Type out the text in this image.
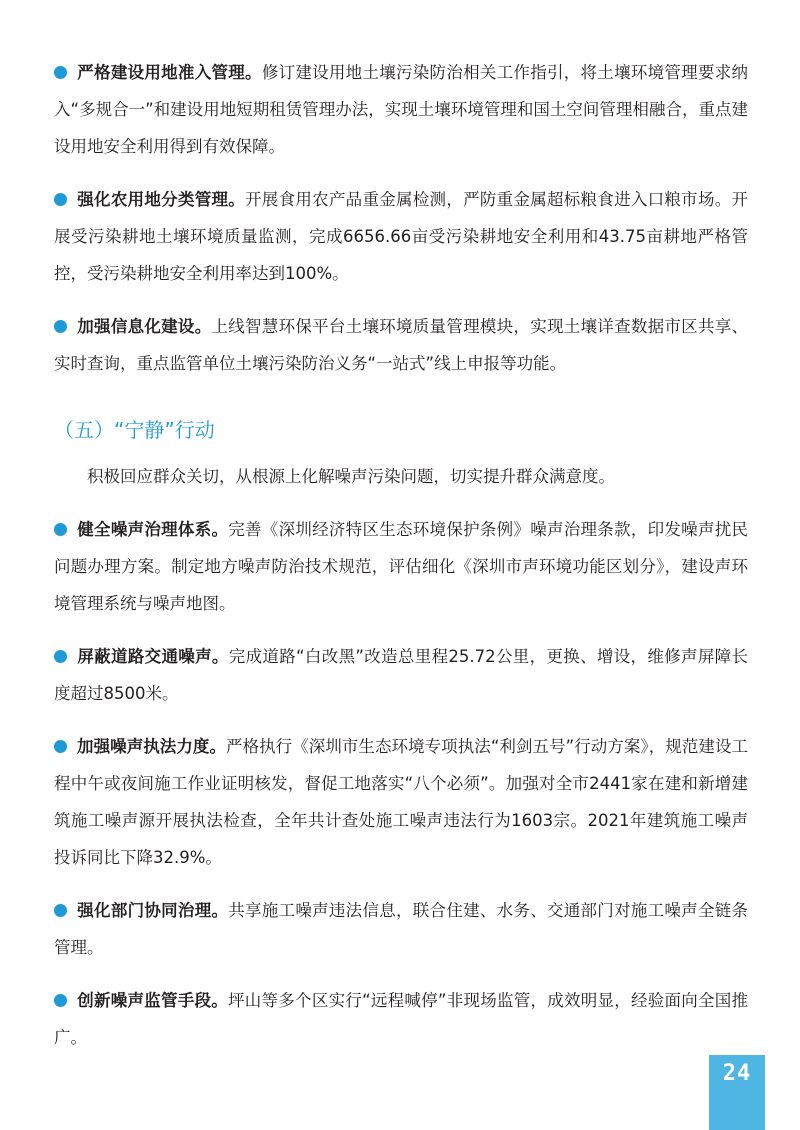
严格建设用地准入管理。修订建设用地土壤污染防治相关工作指引，将土壤环境管理要求纳入“多规合一”和建设用地短期租赁管理办法，实现土壤环境管理和国土空间管理相融合，重点建设用地安全利用得到有效保障。
强化农用地分类管理。开展食用农产品重金属检测，严防重金属超标粮食进入口粮市场。开展受污染耕地土壤环境质量监测，完成6656.66亩受污染耕地安全利用和43.75亩耕地严格管控，受污染耕地安全利用率达到100%。
加强信息化建设。上线智慧环保平台土壤环境质量管理模块，实现土壤详查数据市区共享、实时查询，重点监管单位土壤污染防治义务“一站式”线上申报等功能。
（五）“宁静”行动
积极回应群众关切，从根源上化解噪声污染问题，切实提升群众满意度。
健全噪声治理体系。完善《深圳经济特区生态环境保护条例》噪声治理条款，印发噪声扰民问题办理方案。制定地方噪声防治技术规范，评估细化《深圳市声环境功能区划分》，建设声环境管理系统与噪声地图。
屏蔽道路交通噪声。完成道路“白改黑”改造总里程25.72公里，更换、增设，维修声屏障长度超过8500米。
加强噪声执法力度。严格执行《深圳市生态环境专项执法“利剑五号”行动方案》，规范建设工程中午或夜间施工作业证明核发，督促工地落实“八个必须”。加强对全市2441家在建和新增建筑施工噪声源开展执法检查，全年共计查处施工噪声违法行为1603宗。2021年建筑施工噪声投诉同比下降32.9%。
强化部门协同治理。共享施工噪声违法信息，联合住建、水务、交通部门对施工噪声全链条管理。
创新噪声监管手段。坪山等多个区实行“远程喊停”非现场监管，成效明显，经验面向全国推广。
24
